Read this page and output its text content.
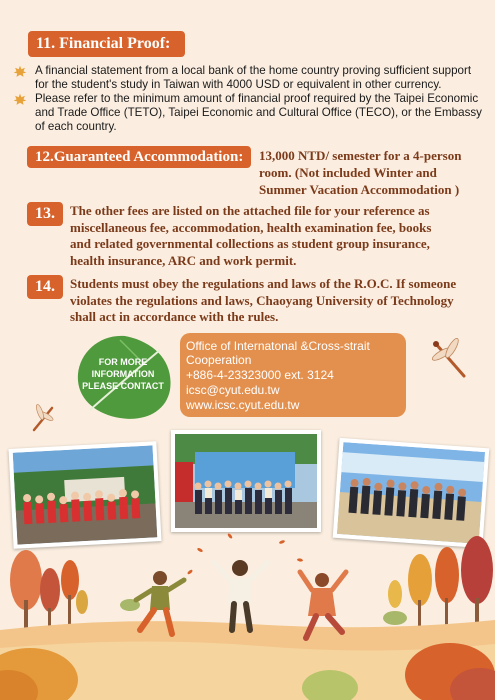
11. Financial Proof:
A financial statement from a local bank of the home country proving sufficient support for the student's study in Taiwan with 4000 USD or equivalent in other currency.
Please refer to the minimum amount of financial proof required by the Taipei Economic and Trade Office (TETO), Taipei Economic and Cultural Office (TECO), or the Embassy of each country.
12.Guaranteed Accommodation:	13,000 NTD/ semester for a 4-person
room. (Not included Winter and
Summer Vacation Accommodation )
13.	The other fees are listed on the attached file for your reference as
miscellaneous fee, accommodation, health examination fee, books
and related governmental collections as student group insurance,
health insurance, ARC and work permit.
14.	Students must obey the regulations and laws of the R.O.C. If someone
violates the regulations and laws, Chaoyang University of Technology
shall act in accordance with the rules.
FOR MORE
INFORMATION
PLEASE CONTACT
Office of Internatonal &Cross-strait
Cooperation
+886-4-23323000 ext. 3124
icsc@cyut.edu.tw
www.icsc.cyut.edu.tw
